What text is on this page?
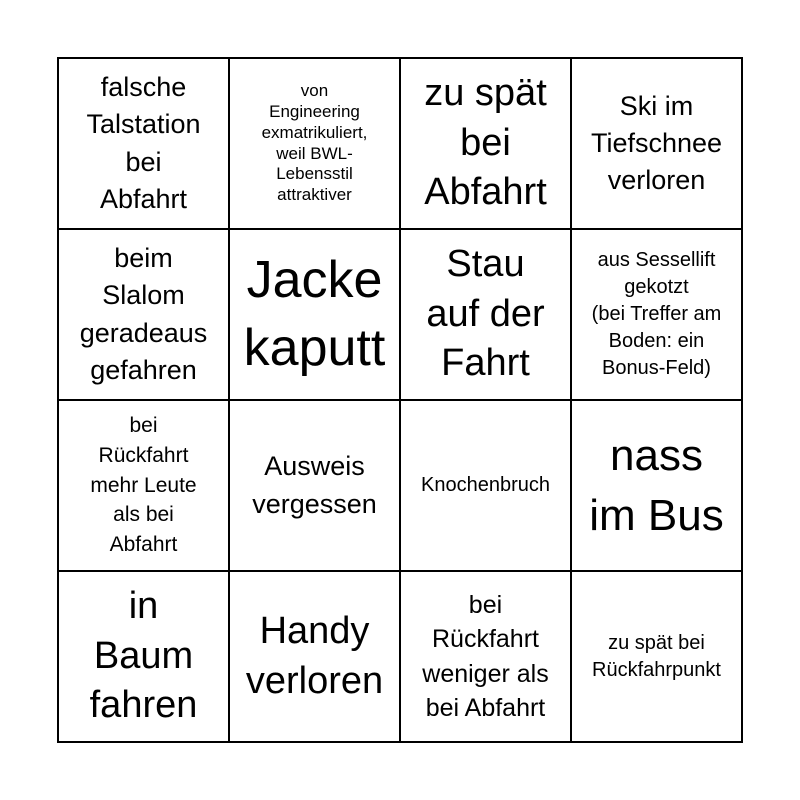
falsche
Talstation
bei
Abfahrt
von
Engineering
exmatrikuliert,
weil BWL-
Lebensstil
attraktiver
zu spät
bei
Abfahrt
Ski im
Tiefschnee
verloren
beim
Slalom
geradeaus
gefahren
Jacke
kaputt
Stau
auf der
Fahrt
aus Sessellift
gekotzt
(bei Treffer am
Boden: ein
Bonus-Feld)
bei
Rückfahrt
mehr Leute
als bei
Abfahrt
Ausweis
vergessen
Knochenbruch
nass
im Bus
in
Baum
fahren
Handy
verloren
bei
Rückfahrt
weniger als
bei Abfahrt
zu spät bei
Rückfahrpunkt
